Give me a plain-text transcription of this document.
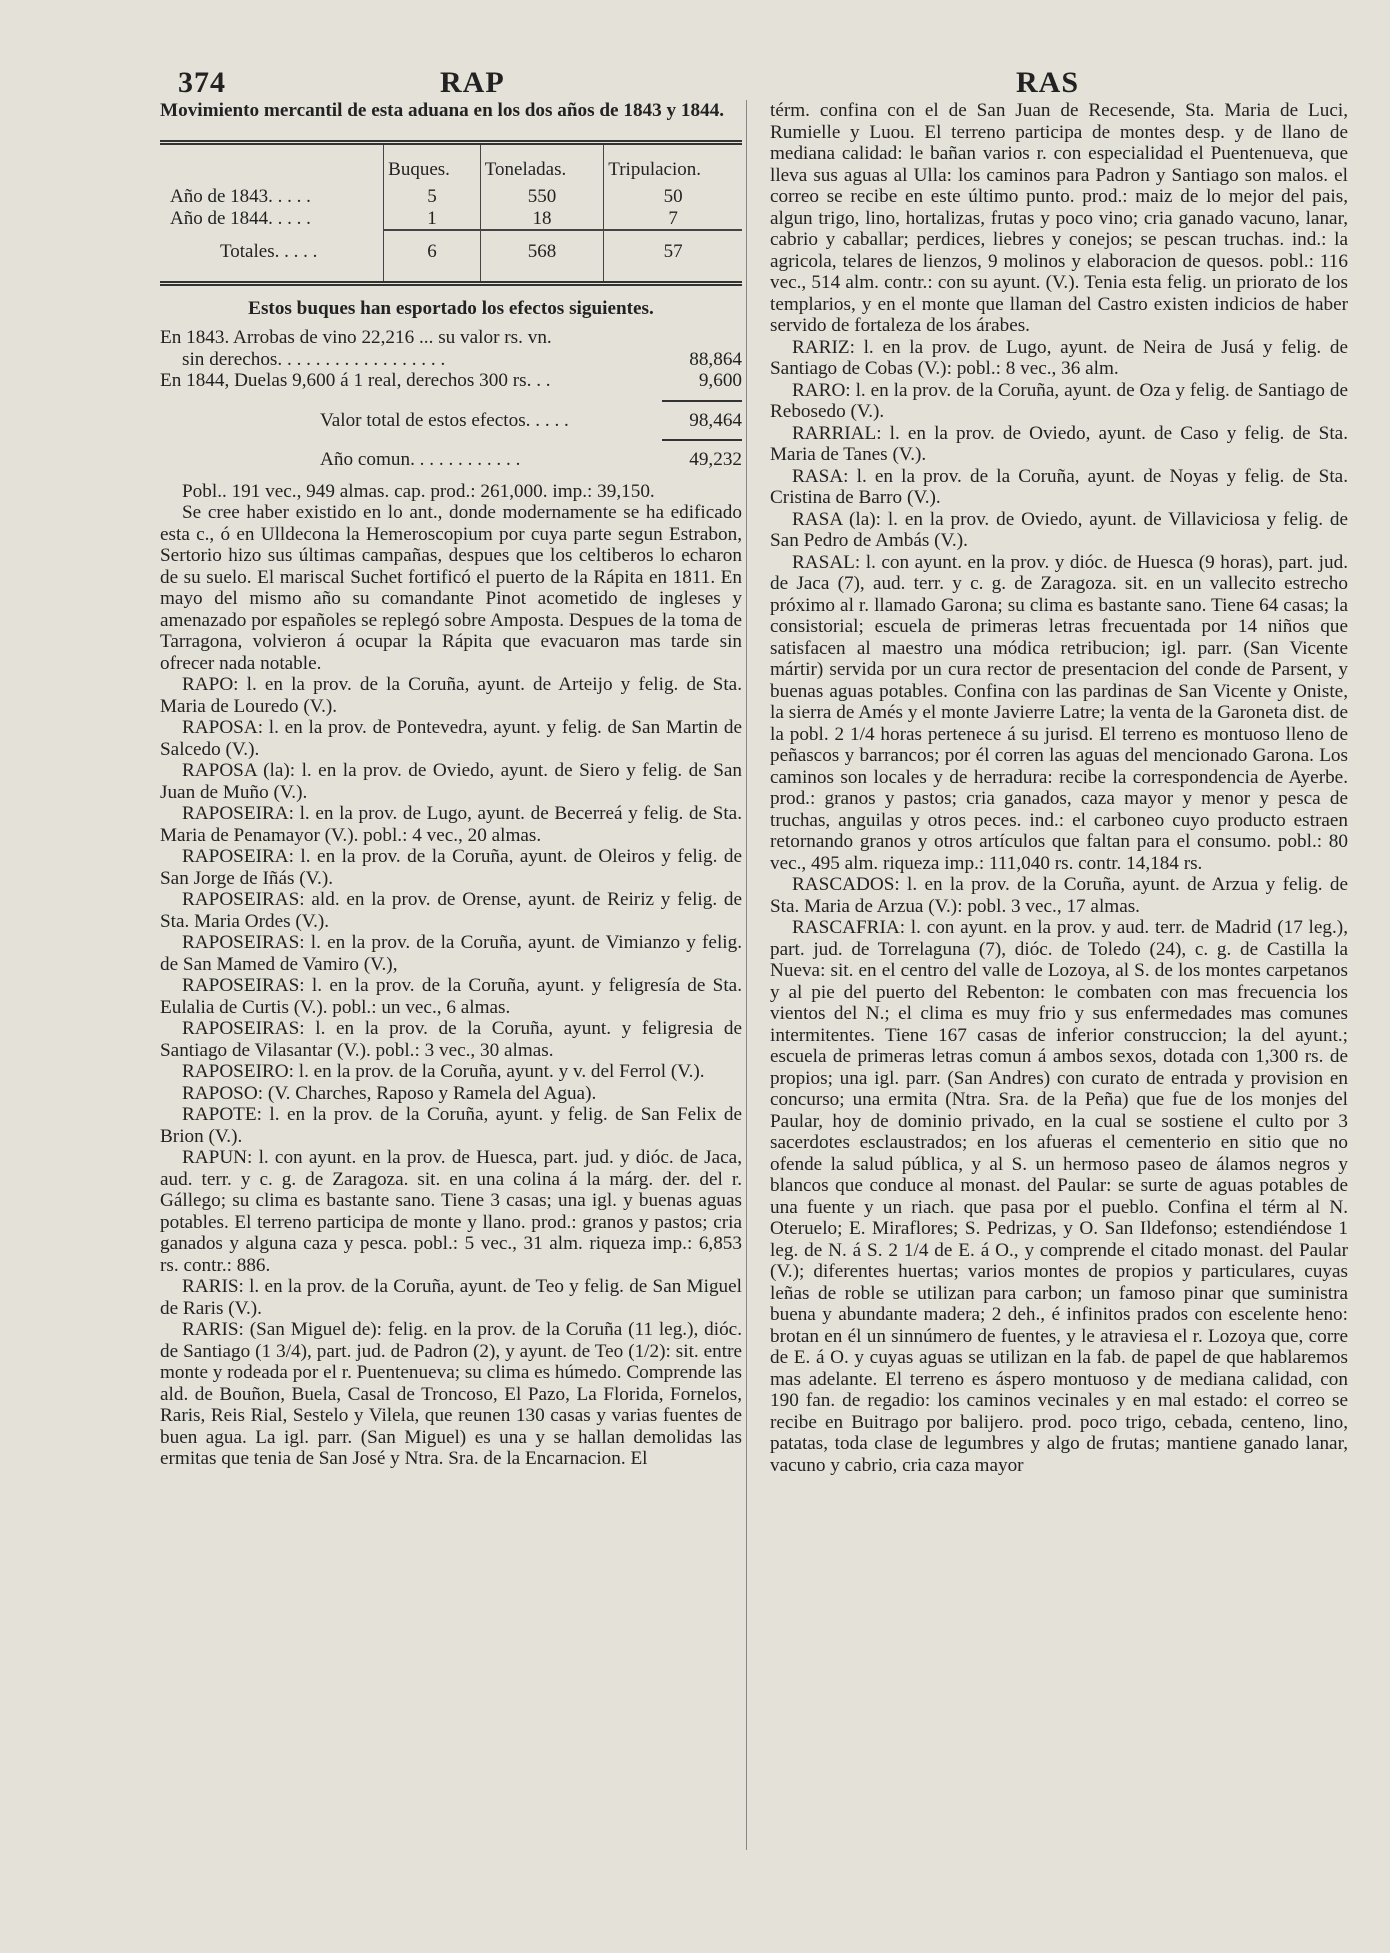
374	RAP	RAS

Movimiento mercantil de esta aduana en los dos años de 1843 y 1844.

	Buques.	Toneladas.	Tripulacion.
Año de 1843. . . . .	5	550	50
Año de 1844. . . . .	1	18	7
Totales. . . . .	6	568	57

Estos buques han esportado los efectos siguientes.

En 1843. Arrobas de vino 22,216 ... su valor rs. vn.
sin derechos. . . . . . . . . . . . . . . . . .	88,864
En 1844, Duelas 9,600 á 1 real, derechos 300 rs. . .	9,600
Valor total de estos efectos. . . . .	98,464
Año comun. . . . . . . . . . . .	49,232

Pobl.. 191 vec., 949 almas. cap. prod.: 261,000. imp.: 39,150.

Se cree haber existido en lo ant., donde modernamente se ha edificado esta c., ó en Ulldecona la Hemeroscopium por cuya parte segun Estrabon, Sertorio hizo sus últimas campañas, despues que los celtiberos lo echaron de su suelo. El mariscal Suchet fortificó el puerto de la Rápita en 1811. En mayo del mismo año su comandante Pinot acometido de ingleses y amenazado por españoles se replegó sobre Amposta. Despues de la toma de Tarragona, volvieron á ocupar la Rápita que evacuaron mas tarde sin ofrecer nada notable.

RAPO: l. en la prov. de la Coruña, ayunt. de Arteijo y felig. de Sta. Maria de Louredo (V.).

RAPOSA: l. en la prov. de Pontevedra, ayunt. y felig. de San Martin de Salcedo (V.).

RAPOSA (la): l. en la prov. de Oviedo, ayunt. de Siero y felig. de San Juan de Muño (V.).

RAPOSEIRA: l. en la prov. de Lugo, ayunt. de Becerreá y felig. de Sta. Maria de Penamayor (V.). pobl.: 4 vec., 20 almas.

RAPOSEIRA: l. en la prov. de la Coruña, ayunt. de Oleiros y felig. de San Jorge de Iñás (V.).

RAPOSEIRAS: ald. en la prov. de Orense, ayunt. de Reiriz y felig. de Sta. Maria Ordes (V.).

RAPOSEIRAS: l. en la prov. de la Coruña, ayunt. de Vimianzo y felig. de San Mamed de Vamiro (V.),

RAPOSEIRAS: l. en la prov. de la Coruña, ayunt. y feligresía de Sta. Eulalia de Curtis (V.). pobl.: un vec., 6 almas.

RAPOSEIRAS: l. en la prov. de la Coruña, ayunt. y feligresia de Santiago de Vilasantar (V.). pobl.: 3 vec., 30 almas.

RAPOSEIRO: l. en la prov. de la Coruña, ayunt. y v. del Ferrol (V.).

RAPOSO: (V. Charches, Raposo y Ramela del Agua).

RAPOTE: l. en la prov. de la Coruña, ayunt. y felig. de San Felix de Brion (V.).

RAPUN: l. con ayunt. en la prov. de Huesca, part. jud. y dióc. de Jaca, aud. terr. y c. g. de Zaragoza. sit. en una colina á la márg. der. del r. Gállego; su clima es bastante sano. Tiene 3 casas; una igl. y buenas aguas potables. El terreno participa de monte y llano. prod.: granos y pastos; cria ganados y alguna caza y pesca. pobl.: 5 vec., 31 alm. riqueza imp.: 6,853 rs. contr.: 886.

RARIS: l. en la prov. de la Coruña, ayunt. de Teo y felig. de San Miguel de Raris (V.).

RARIS: (San Miguel de): felig. en la prov. de la Coruña (11 leg.), dióc. de Santiago (1 3/4), part. jud. de Padron (2), y ayunt. de Teo (1/2): sit. entre monte y rodeada por el r. Puentenueva; su clima es húmedo. Comprende las ald. de Bouñon, Buela, Casal de Troncoso, El Pazo, La Florida, Fornelos, Raris, Reis Rial, Sestelo y Vilela, que reunen 130 casas y varias fuentes de buen agua. La igl. parr. (San Miguel) es una y se hallan demolidas las ermitas que tenia de San José y Ntra. Sra. de la Encarnacion. El

térm. confina con el de San Juan de Recesende, Sta. Maria de Luci, Rumielle y Luou. El terreno participa de montes desp. y de llano de mediana calidad: le bañan varios r. con especialidad el Puentenueva, que lleva sus aguas al Ulla: los caminos para Padron y Santiago son malos. el correo se recibe en este último punto. prod.: maiz de lo mejor del pais, algun trigo, lino, hortalizas, frutas y poco vino; cria ganado vacuno, lanar, cabrio y caballar; perdices, liebres y conejos; se pescan truchas. ind.: la agricola, telares de lienzos, 9 molinos y elaboracion de quesos. pobl.: 116 vec., 514 alm. contr.: con su ayunt. (V.). Tenia esta felig. un priorato de los templarios, y en el monte que llaman del Castro existen indicios de haber servido de fortaleza de los árabes.

RARIZ: l. en la prov. de Lugo, ayunt. de Neira de Jusá y felig. de Santiago de Cobas (V.): pobl.: 8 vec., 36 alm.

RARO: l. en la prov. de la Coruña, ayunt. de Oza y felig. de Santiago de Rebosedo (V.).

RARRIAL: l. en la prov. de Oviedo, ayunt. de Caso y felig. de Sta. Maria de Tanes (V.).

RASA: l. en la prov. de la Coruña, ayunt. de Noyas y felig. de Sta. Cristina de Barro (V.).

RASA (la): l. en la prov. de Oviedo, ayunt. de Villaviciosa y felig. de San Pedro de Ambás (V.).

RASAL: l. con ayunt. en la prov. y dióc. de Huesca (9 horas), part. jud. de Jaca (7), aud. terr. y c. g. de Zaragoza. sit. en un vallecito estrecho próximo al r. llamado Garona; su clima es bastante sano. Tiene 64 casas; la consistorial; escuela de primeras letras frecuentada por 14 niños que satisfacen al maestro una módica retribucion; igl. parr. (San Vicente mártir) servida por un cura rector de presentacion del conde de Parsent, y buenas aguas potables. Confina con las pardinas de San Vicente y Oniste, la sierra de Amés y el monte Javierre Latre; la venta de la Garoneta dist. de la pobl. 2 1/4 horas pertenece á su jurisd. El terreno es montuoso lleno de peñascos y barrancos; por él corren las aguas del mencionado Garona. Los caminos son locales y de herradura: recibe la correspondencia de Ayerbe. prod.: granos y pastos; cria ganados, caza mayor y menor y pesca de truchas, anguilas y otros peces. ind.: el carboneo cuyo producto estraen retornando granos y otros artículos que faltan para el consumo. pobl.: 80 vec., 495 alm. riqueza imp.: 111,040 rs. contr. 14,184 rs.

RASCADOS: l. en la prov. de la Coruña, ayunt. de Arzua y felig. de Sta. Maria de Arzua (V.): pobl. 3 vec., 17 almas.

RASCAFRIA: l. con ayunt. en la prov. y aud. terr. de Madrid (17 leg.), part. jud. de Torrelaguna (7), dióc. de Toledo (24), c. g. de Castilla la Nueva: sit. en el centro del valle de Lozoya, al S. de los montes carpetanos y al pie del puerto del Rebenton: le combaten con mas frecuencia los vientos del N.; el clima es muy frio y sus enfermedades mas comunes intermitentes. Tiene 167 casas de inferior construccion; la del ayunt.; escuela de primeras letras comun á ambos sexos, dotada con 1,300 rs. de propios; una igl. parr. (San Andres) con curato de entrada y provision en concurso; una ermita (Ntra. Sra. de la Peña) que fue de los monjes del Paular, hoy de dominio privado, en la cual se sostiene el culto por 3 sacerdotes esclaustrados; en los afueras el cementerio en sitio que no ofende la salud pública, y al S. un hermoso paseo de álamos negros y blancos que conduce al monast. del Paular: se surte de aguas potables de una fuente y un riach. que pasa por el pueblo. Confina el térm al N. Oteruelo; E. Miraflores; S. Pedrizas, y O. San Ildefonso; estendiéndose 1 leg. de N. á S. 2 1/4 de E. á O., y comprende el citado monast. del Paular (V.); diferentes huertas; varios montes de propios y particulares, cuyas leñas de roble se utilizan para carbon; un famoso pinar que suministra buena y abundante madera; 2 deh., é infinitos prados con escelente heno: brotan en él un sinnúmero de fuentes, y le atraviesa el r. Lozoya que, corre de E. á O. y cuyas aguas se utilizan en la fab. de papel de que hablaremos mas adelante. El terreno es áspero montuoso y de mediana calidad, con 190 fan. de regadio: los caminos vecinales y en mal estado: el correo se recibe en Buitrago por balijero. prod. poco trigo, cebada, centeno, lino, patatas, toda clase de legumbres y algo de frutas; mantiene ganado lanar, vacuno y cabrio, cria caza mayor
